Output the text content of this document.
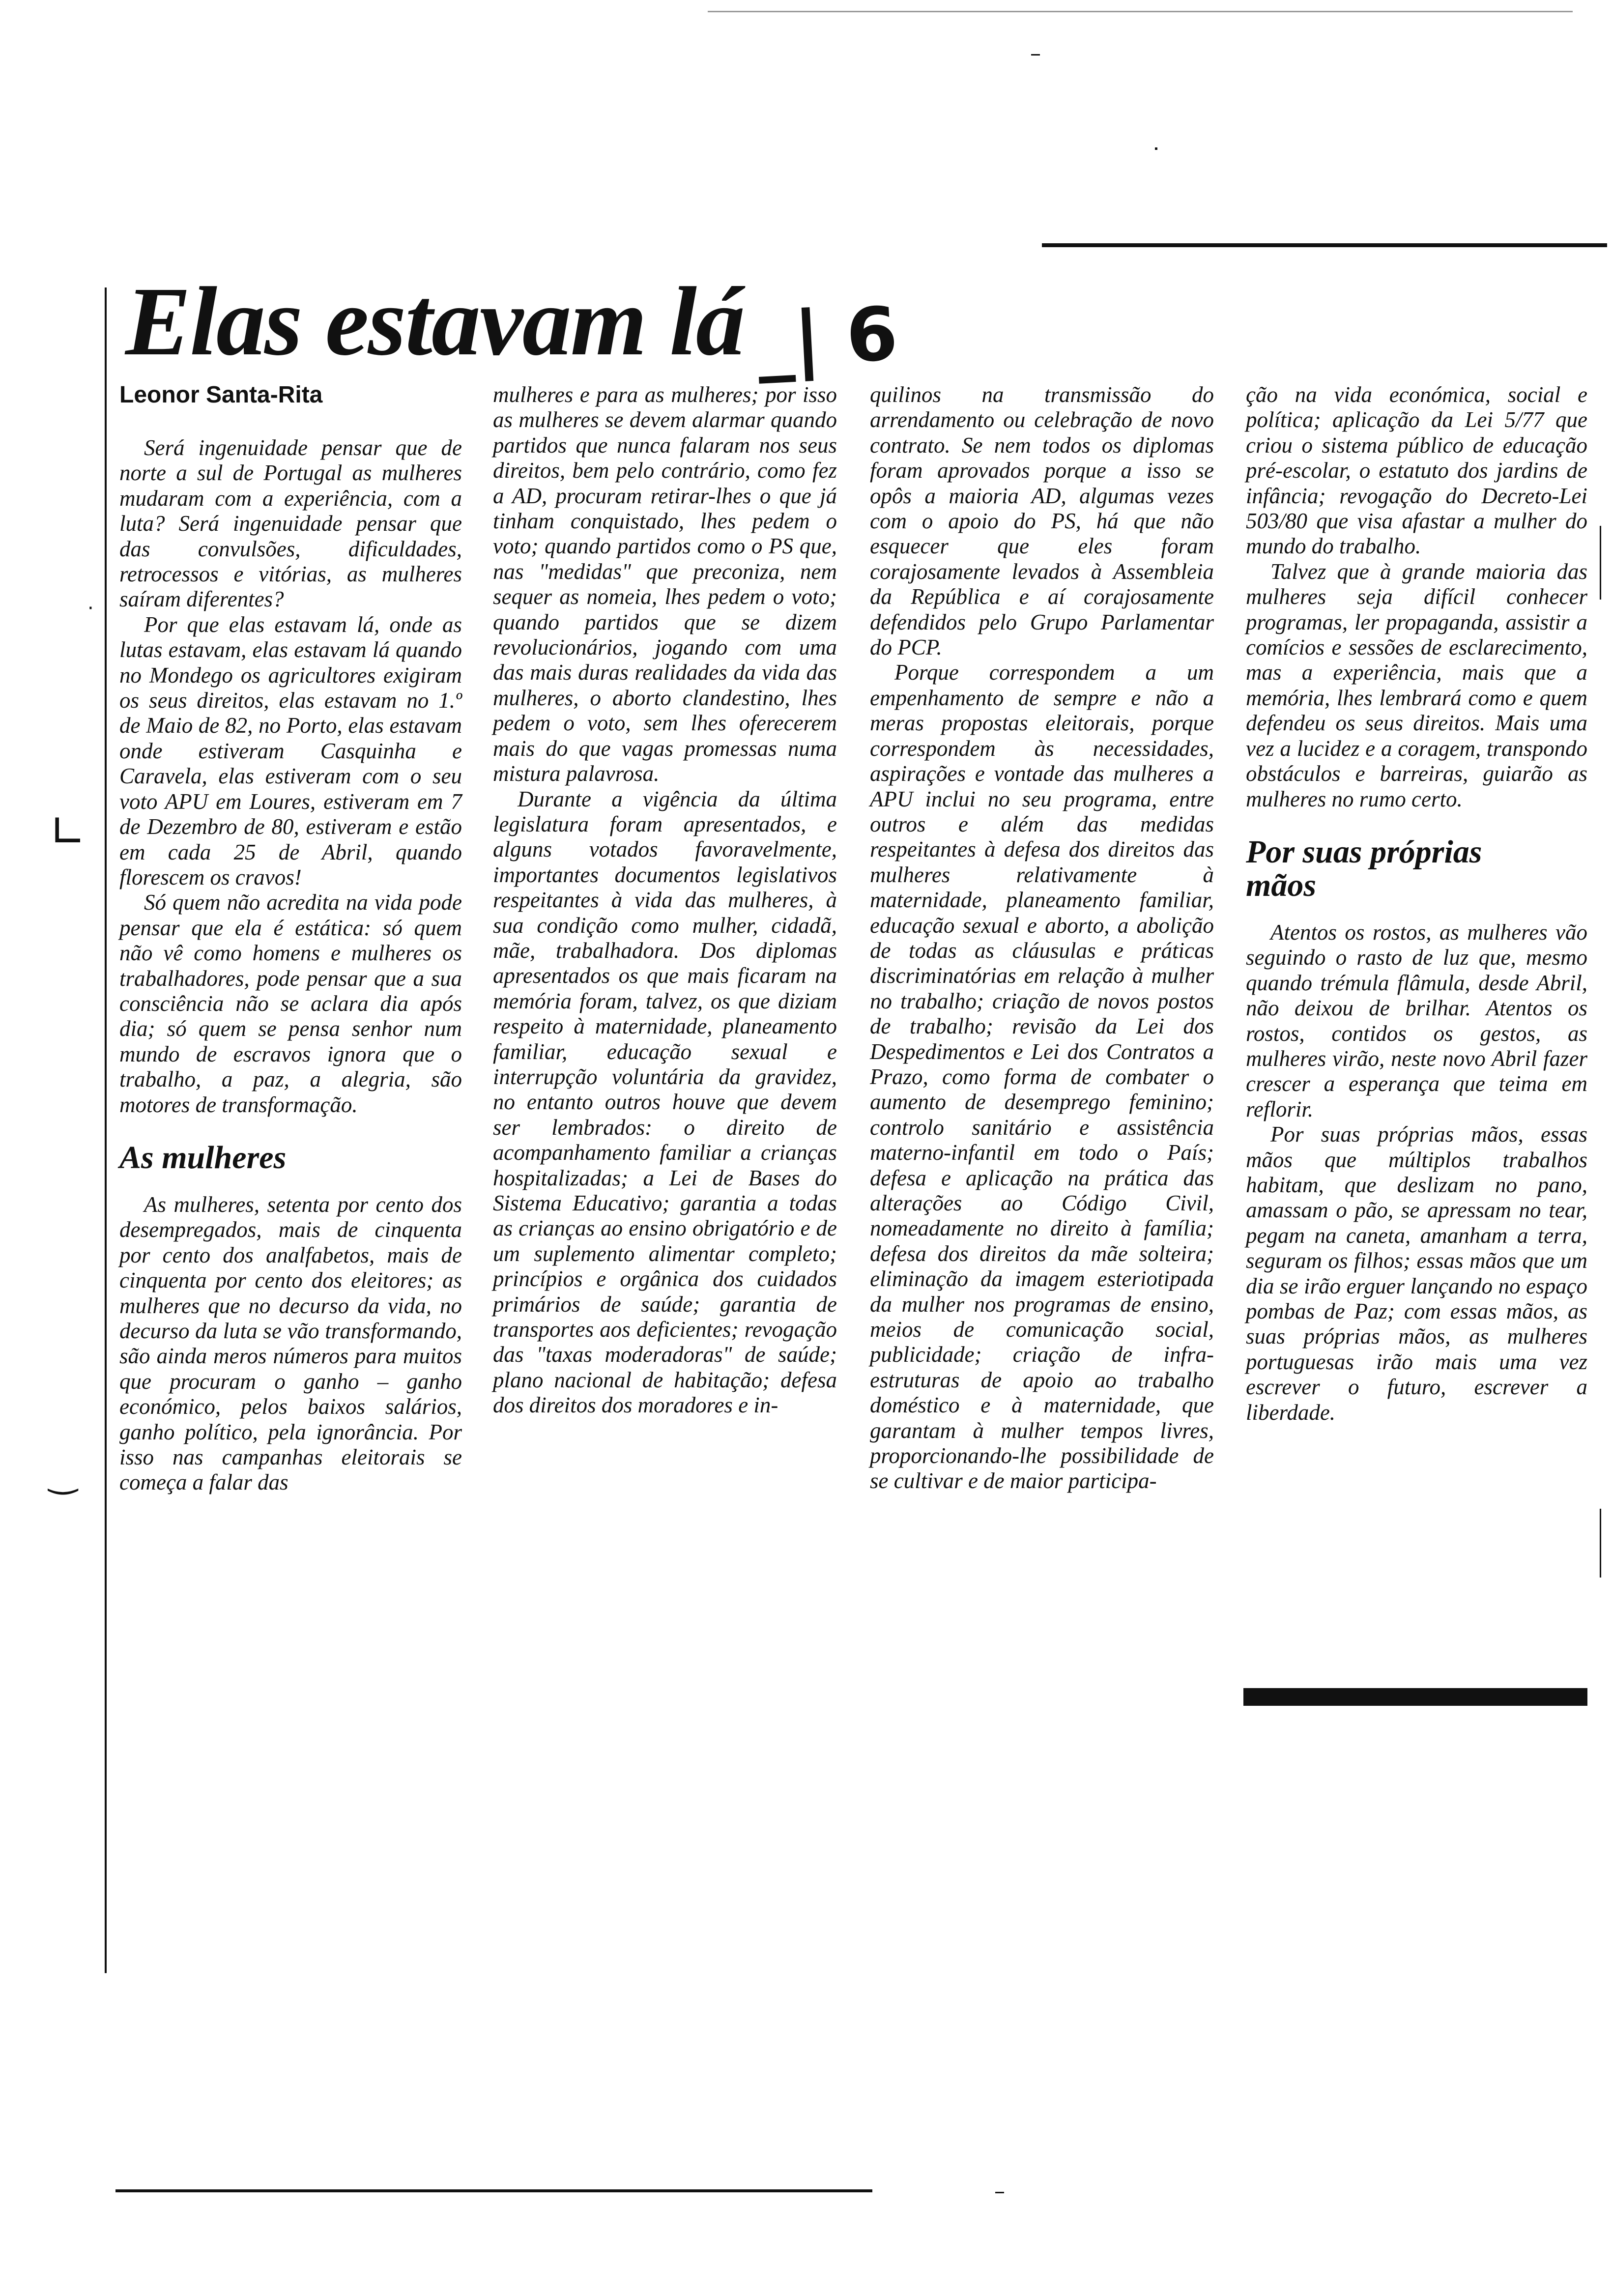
∟
‿
·
Elas estavam lá _| 6
Leonor Santa-Rita

Será ingenuidade pensar que de norte a sul de Portugal as mulheres mudaram com a experiência, com a luta? Será ingenuidade pensar que das convulsões, dificuldades, retrocessos e vitórias, as mulheres saíram diferentes?

Por que elas estavam lá, onde as lutas estavam, elas estavam lá quando no Mondego os agricultores exigiram os seus direitos, elas estavam no 1.º de Maio de 82, no Porto, elas estavam onde estiveram Casquinha e Caravela, elas estiveram com o seu voto APU em Loures, estiveram em 7 de Dezembro de 80, estiveram e estão em cada 25 de Abril, quando florescem os cravos!

Só quem não acredita na vida pode pensar que ela é estática: só quem não vê como homens e mulheres os trabalhadores, pode pensar que a sua consciência não se aclara dia após dia; só quem se pensa senhor num mundo de escravos ignora que o trabalho, a paz, a alegria, são motores de transformação.

As mulheres

As mulheres, setenta por cento dos desempregados, mais de cinquenta por cento dos analfabetos, mais de cinquenta por cento dos eleitores; as mulheres que no decurso da vida, no decurso da luta se vão transformando, são ainda meros números para muitos que procuram o ganho – ganho económico, pelos baixos salários, ganho político, pela ignorância. Por isso nas campanhas eleitorais se começa a falar das

mulheres e para as mulheres; por isso as mulheres se devem alarmar quando partidos que nunca falaram nos seus direitos, bem pelo contrário, como fez a AD, procuram retirar-lhes o que já tinham conquistado, lhes pedem o voto; quando partidos como o PS que, nas "medidas" que preconiza, nem sequer as nomeia, lhes pedem o voto; quando partidos que se dizem revolucionários, jogando com uma das mais duras realidades da vida das mulheres, o aborto clandestino, lhes pedem o voto, sem lhes oferecerem mais do que vagas promessas numa mistura palavrosa.

Durante a vigência da última legislatura foram apresentados, e alguns votados favoravelmente, importantes documentos legislativos respeitantes à vida das mulheres, à sua condição como mulher, cidadã, mãe, trabalhadora. Dos diplomas apresentados os que mais ficaram na memória foram, talvez, os que diziam respeito à maternidade, planeamento familiar, educação sexual e interrupção voluntária da gravidez, no entanto outros houve que devem ser lembrados: o direito de acompanhamento familiar a crianças hospitalizadas; a Lei de Bases do Sistema Educativo; garantia a todas as crianças ao ensino obrigatório e de um suplemento alimentar completo; princípios e orgânica dos cuidados primários de saúde; garantia de transportes aos deficientes; revogação das "taxas moderadoras" de saúde; plano nacional de habitação; defesa dos direitos dos moradores e in-

quilinos na transmissão do arrendamento ou celebração de novo contrato. Se nem todos os diplomas foram aprovados porque a isso se opôs a maioria AD, algumas vezes com o apoio do PS, há que não esquecer que eles foram corajosamente levados à Assembleia da República e aí corajosamente defendidos pelo Grupo Parlamentar do PCP.

Porque correspondem a um empenhamento de sempre e não a meras propostas eleitorais, porque correspondem às necessidades, aspirações e vontade das mulheres a APU inclui no seu programa, entre outros e além das medidas respeitantes à defesa dos direitos das mulheres relativamente à maternidade, planeamento familiar, educação sexual e aborto, a abolição de todas as cláusulas e práticas discriminatórias em relação à mulher no trabalho; criação de novos postos de trabalho; revisão da Lei dos Despedimentos e Lei dos Contratos a Prazo, como forma de combater o aumento de desemprego feminino; controlo sanitário e assistência materno-infantil em todo o País; defesa e aplicação na prática das alterações ao Código Civil, nomeadamente no direito à família; defesa dos direitos da mãe solteira; eliminação da imagem esteriotipada da mulher nos programas de ensino, meios de comunicação social, publicidade; criação de infra-estruturas de apoio ao trabalho doméstico e à maternidade, que garantam à mulher tempos livres, proporcionando-lhe possibilidade de se cultivar e de maior participa-

ção na vida económica, social e política; aplicação da Lei 5/77 que criou o sistema público de educação pré-escolar, o estatuto dos jardins de infância; revogação do Decreto-Lei 503/80 que visa afastar a mulher do mundo do trabalho.

Talvez que à grande maioria das mulheres seja difícil conhecer programas, ler propaganda, assistir a comícios e sessões de esclarecimento, mas a experiência, mais que a memória, lhes lembrará como e quem defendeu os seus direitos. Mais uma vez a lucidez e a coragem, transpondo obstáculos e barreiras, guiarão as mulheres no rumo certo.

Por suas próprias mãos

Atentos os rostos, as mulheres vão seguindo o rasto de luz que, mesmo quando trémula flâmula, desde Abril, não deixou de brilhar. Atentos os rostos, contidos os gestos, as mulheres virão, neste novo Abril fazer crescer a esperança que teima em reflorir.

Por suas próprias mãos, essas mãos que múltiplos trabalhos habitam, que deslizam no pano, amassam o pão, se apressam no tear, pegam na caneta, amanham a terra, seguram os filhos; essas mãos que um dia se irão erguer lançando no espaço pombas de Paz; com essas mãos, as suas próprias mãos, as mulheres portuguesas irão mais uma vez escrever o futuro, escrever a liberdade.
